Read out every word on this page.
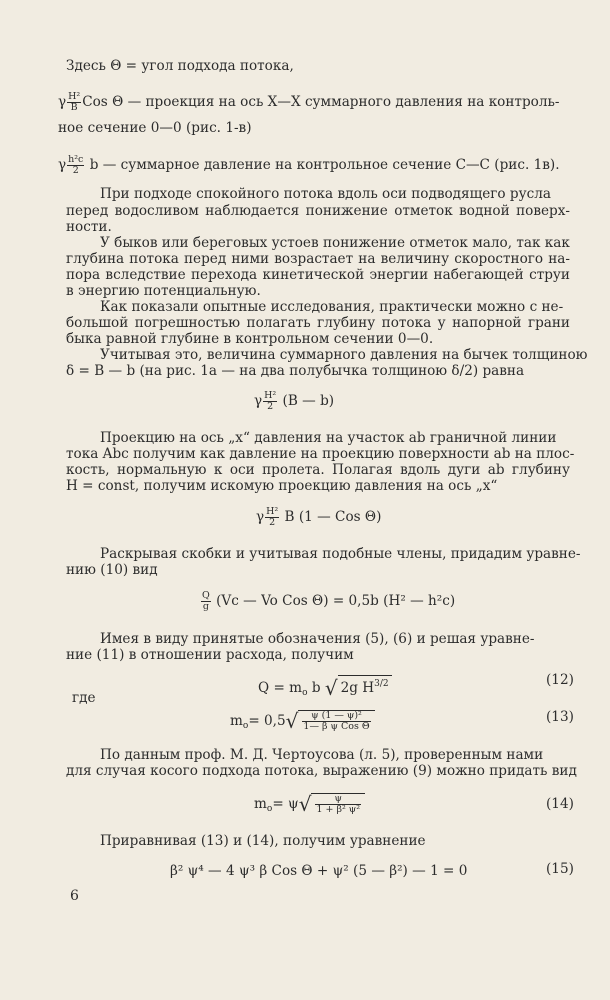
Здесь Θ = угол подхода потока,
γ $\frac{\text{H²}}{B}$ Cos Θ — проекция на ось X—X суммарного давления на контроль-
ное сечение 0—0 (рис. 1-в)
γ $\frac{\text{h²c}}{2}$ b — суммарное давление на контрольное сечение C—C (рис. 1в).
При подходе спокойного потока вдоль оси подводящего русла
перед водосливом наблюдается понижение отметок водной поверх-
ности.
У быков или береговых устоев понижение отметок мало, так как
глубина потока перед ними возрастает на величину скоростного на-
пора вследствие перехода кинетической энергии набегающей струи
в энергию потенциальную.
Как показали опытные исследования, практически можно с не-
большой погрешностью полагать глубину потока у напорной грани
быка равной глубине в контрольном сечении 0—0.
Учитывая это, величина суммарного давления на бычек толщиною
δ = B — b (на рис. 1а — на два полубычка толщиною δ/2) равна
γ $\frac{\text{H²}}{2} (B$ — b)
Проекцию на ось „x“ давления на участок ab граничной линии
тока Abc получим как давление на проекцию поверхности ab на плос-
кость, нормальную к оси пролета. Полагая вдоль дуги ab глубину
H = const, получим искомую проекцию давления на ось „x“
γ $\frac{\text{H²}}{2}$ B (1 — Cos Θ)
Раскрывая скобки и учитывая подобные члены, придадим уравне-
нию (10) вид
$\frac{Q}{g} (Vc$ — Vo Cos Θ) = 0,5b (H² — h²c)
Имея в виду принятые обозначения (5), (6) и решая уравне-
ние (11) в отношении расхода, получим
$Q = m_o$ b √ 2g $H^{3/2}$	(12)
где
$m_o= 0,5√ \frac{\text{ψ (1 — ψ)²}}{\text{1— β ψ Cos Θ}}$	(13)
По данным проф. М. Д. Чертоусова (л. 5), проверенным нами
для случая косого подхода потока, выражению (9) можно придать вид
$m_o= \psi√ \frac{\psi}{\text{1 + β² ψ²}}$	(14)
Приравнивая (13) и (14), получим уравнение
β² ψ⁴ — 4 ψ³ β Cos Θ + ψ² (5 — β²) — 1 = 0	(15)
6
